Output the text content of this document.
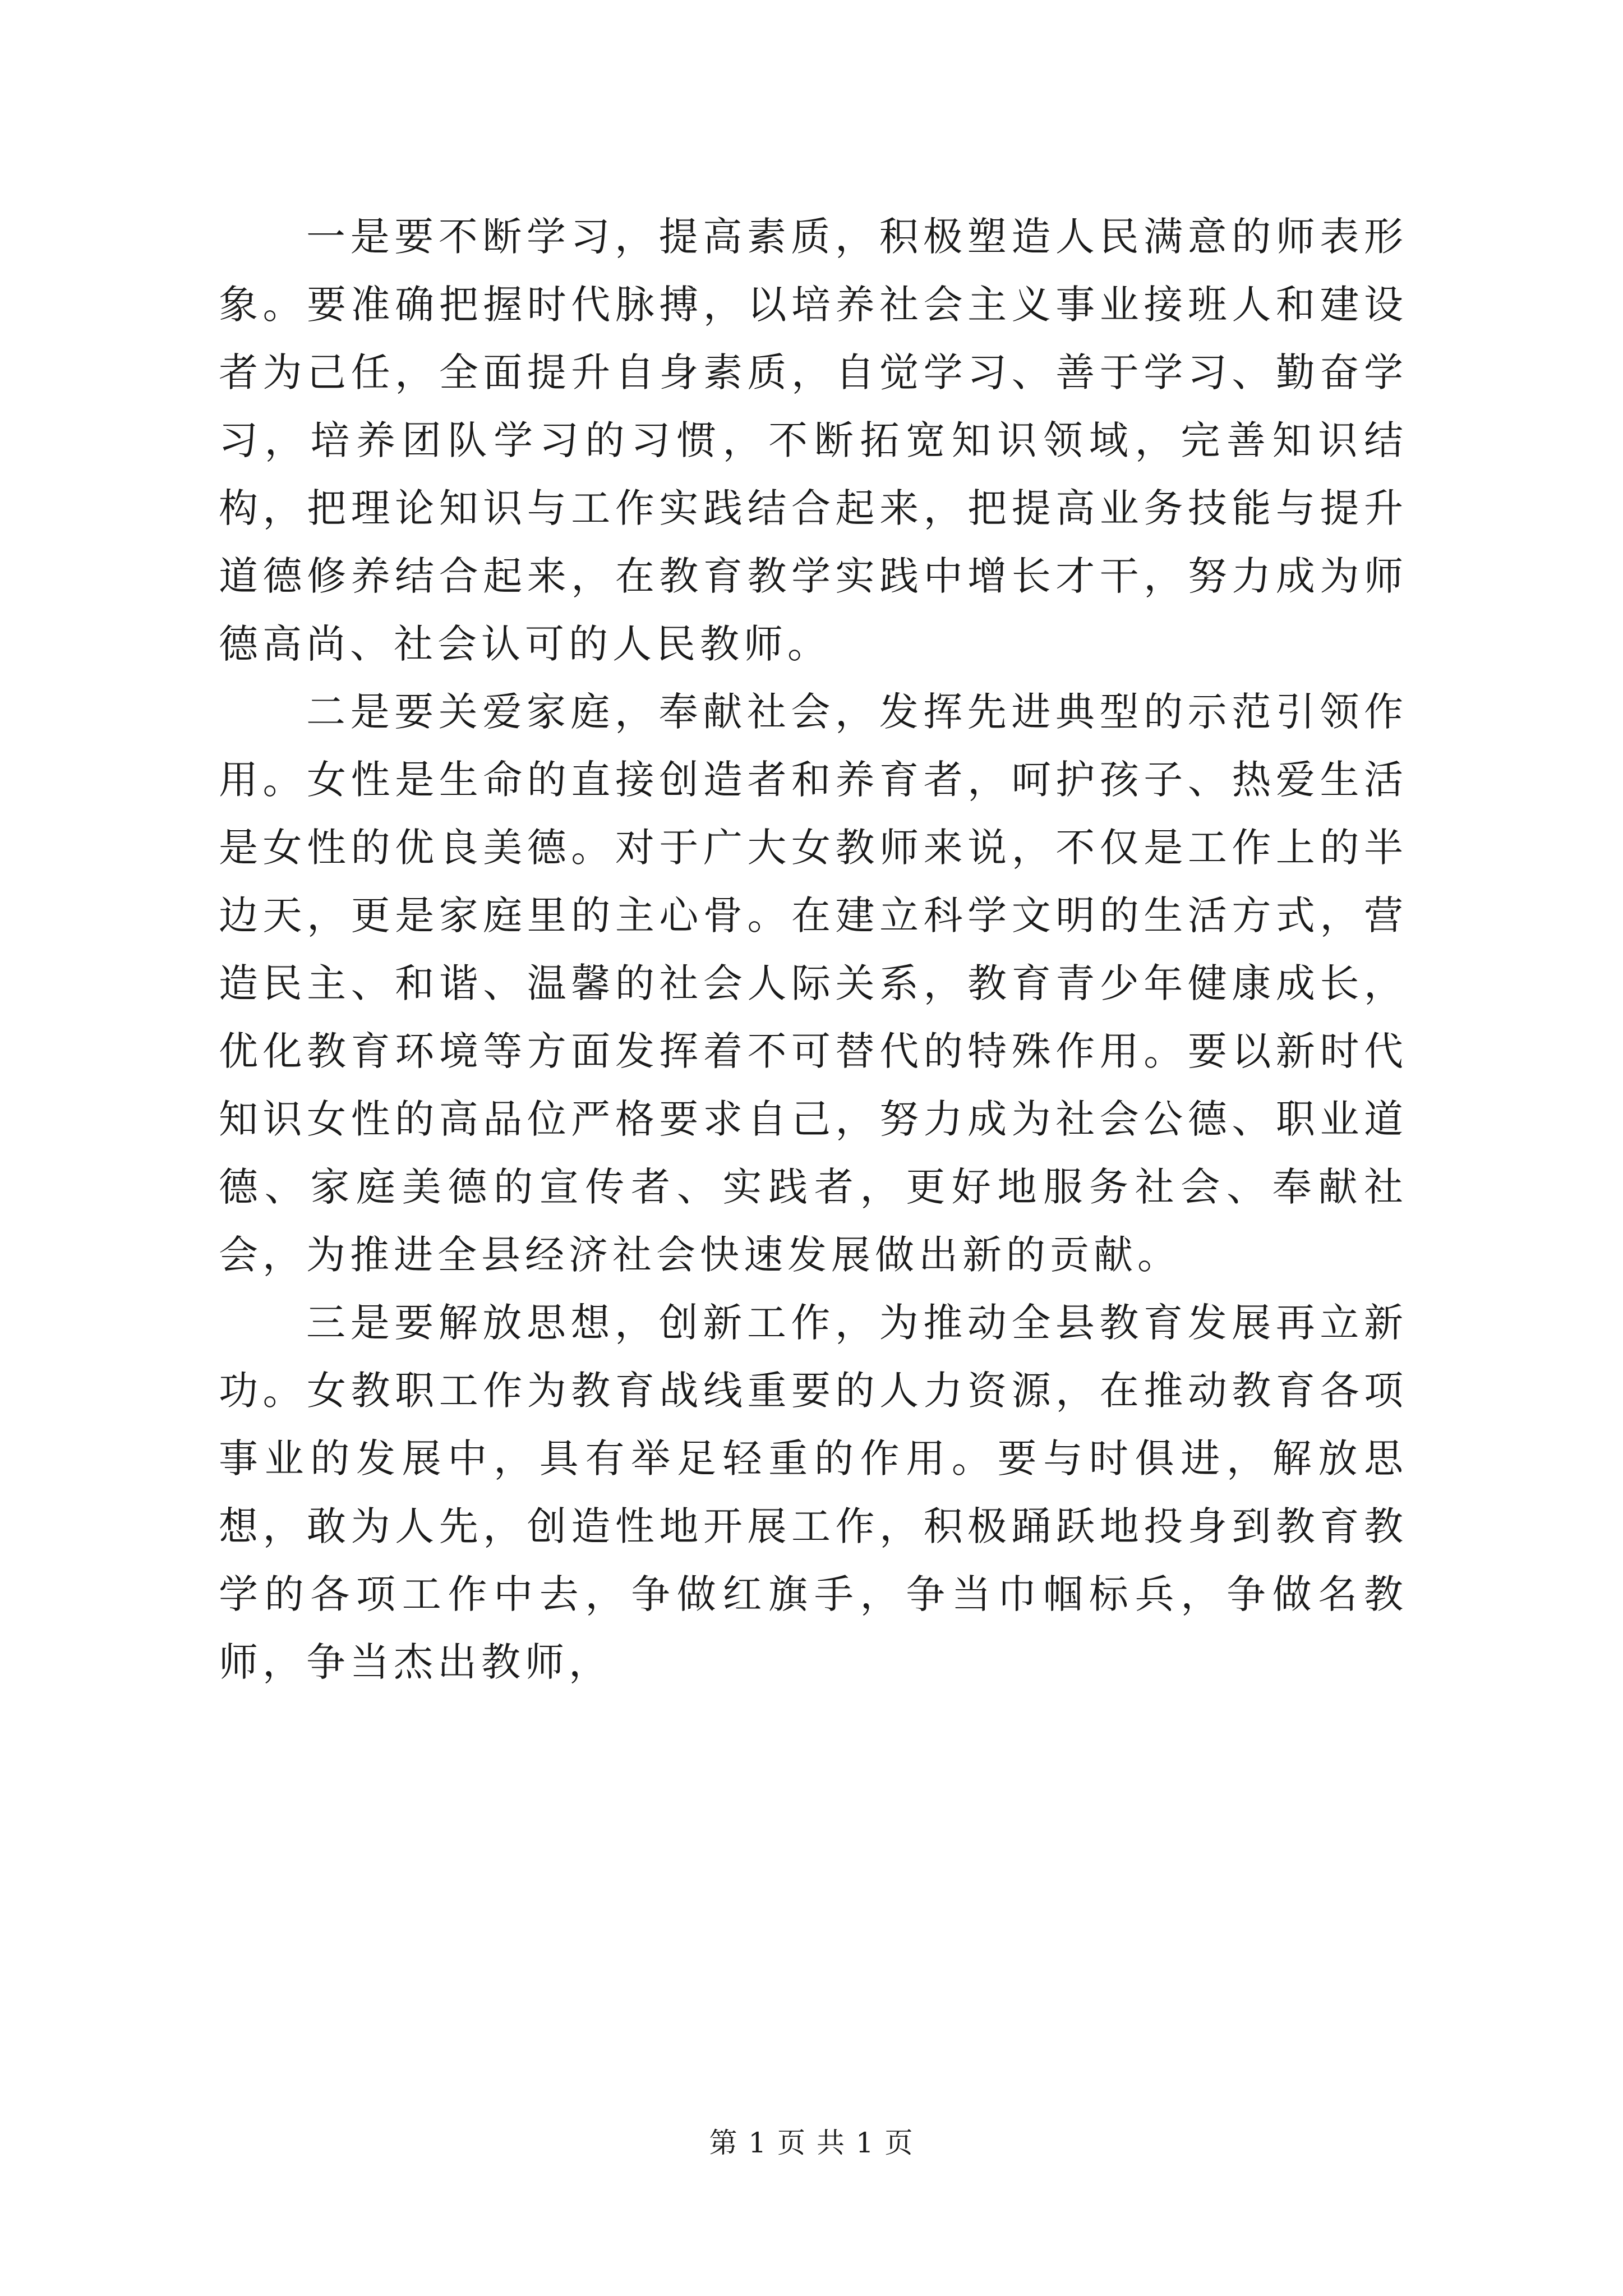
一是要不断学习，提高素质，积极塑造人民满意的师表形象。要准确把握时代脉搏，以培养社会主义事业接班人和建设者为己任，全面提升自身素质，自觉学习、善于学习、勤奋学习，培养团队学习的习惯，不断拓宽知识领域，完善知识结构，把理论知识与工作实践结合起来，把提高业务技能与提升道德修养结合起来，在教育教学实践中增长才干，努力成为师德高尚、社会认可的人民教师。

二是要关爱家庭，奉献社会，发挥先进典型的示范引领作用。女性是生命的直接创造者和养育者，呵护孩子、热爱生活是女性的优良美德。对于广大女教师来说，不仅是工作上的半边天，更是家庭里的主心骨。在建立科学文明的生活方式，营造民主、和谐、温馨的社会人际关系，教育青少年健康成长，优化教育环境等方面发挥着不可替代的特殊作用。要以新时代知识女性的高品位严格要求自己，努力成为社会公德、职业道德、家庭美德的宣传者、实践者，更好地服务社会、奉献社会，为推进全县经济社会快速发展做出新的贡献。

三是要解放思想，创新工作，为推动全县教育发展再立新功。女教职工作为教育战线重要的人力资源，在推动教育各项事业的发展中，具有举足轻重的作用。要与时俱进，解放思想，敢为人先，创造性地开展工作，积极踊跃地投身到教育教学的各项工作中去，争做红旗手，争当巾帼标兵，争做名教师，争当杰出教师，

第 1 页 共 1 页
